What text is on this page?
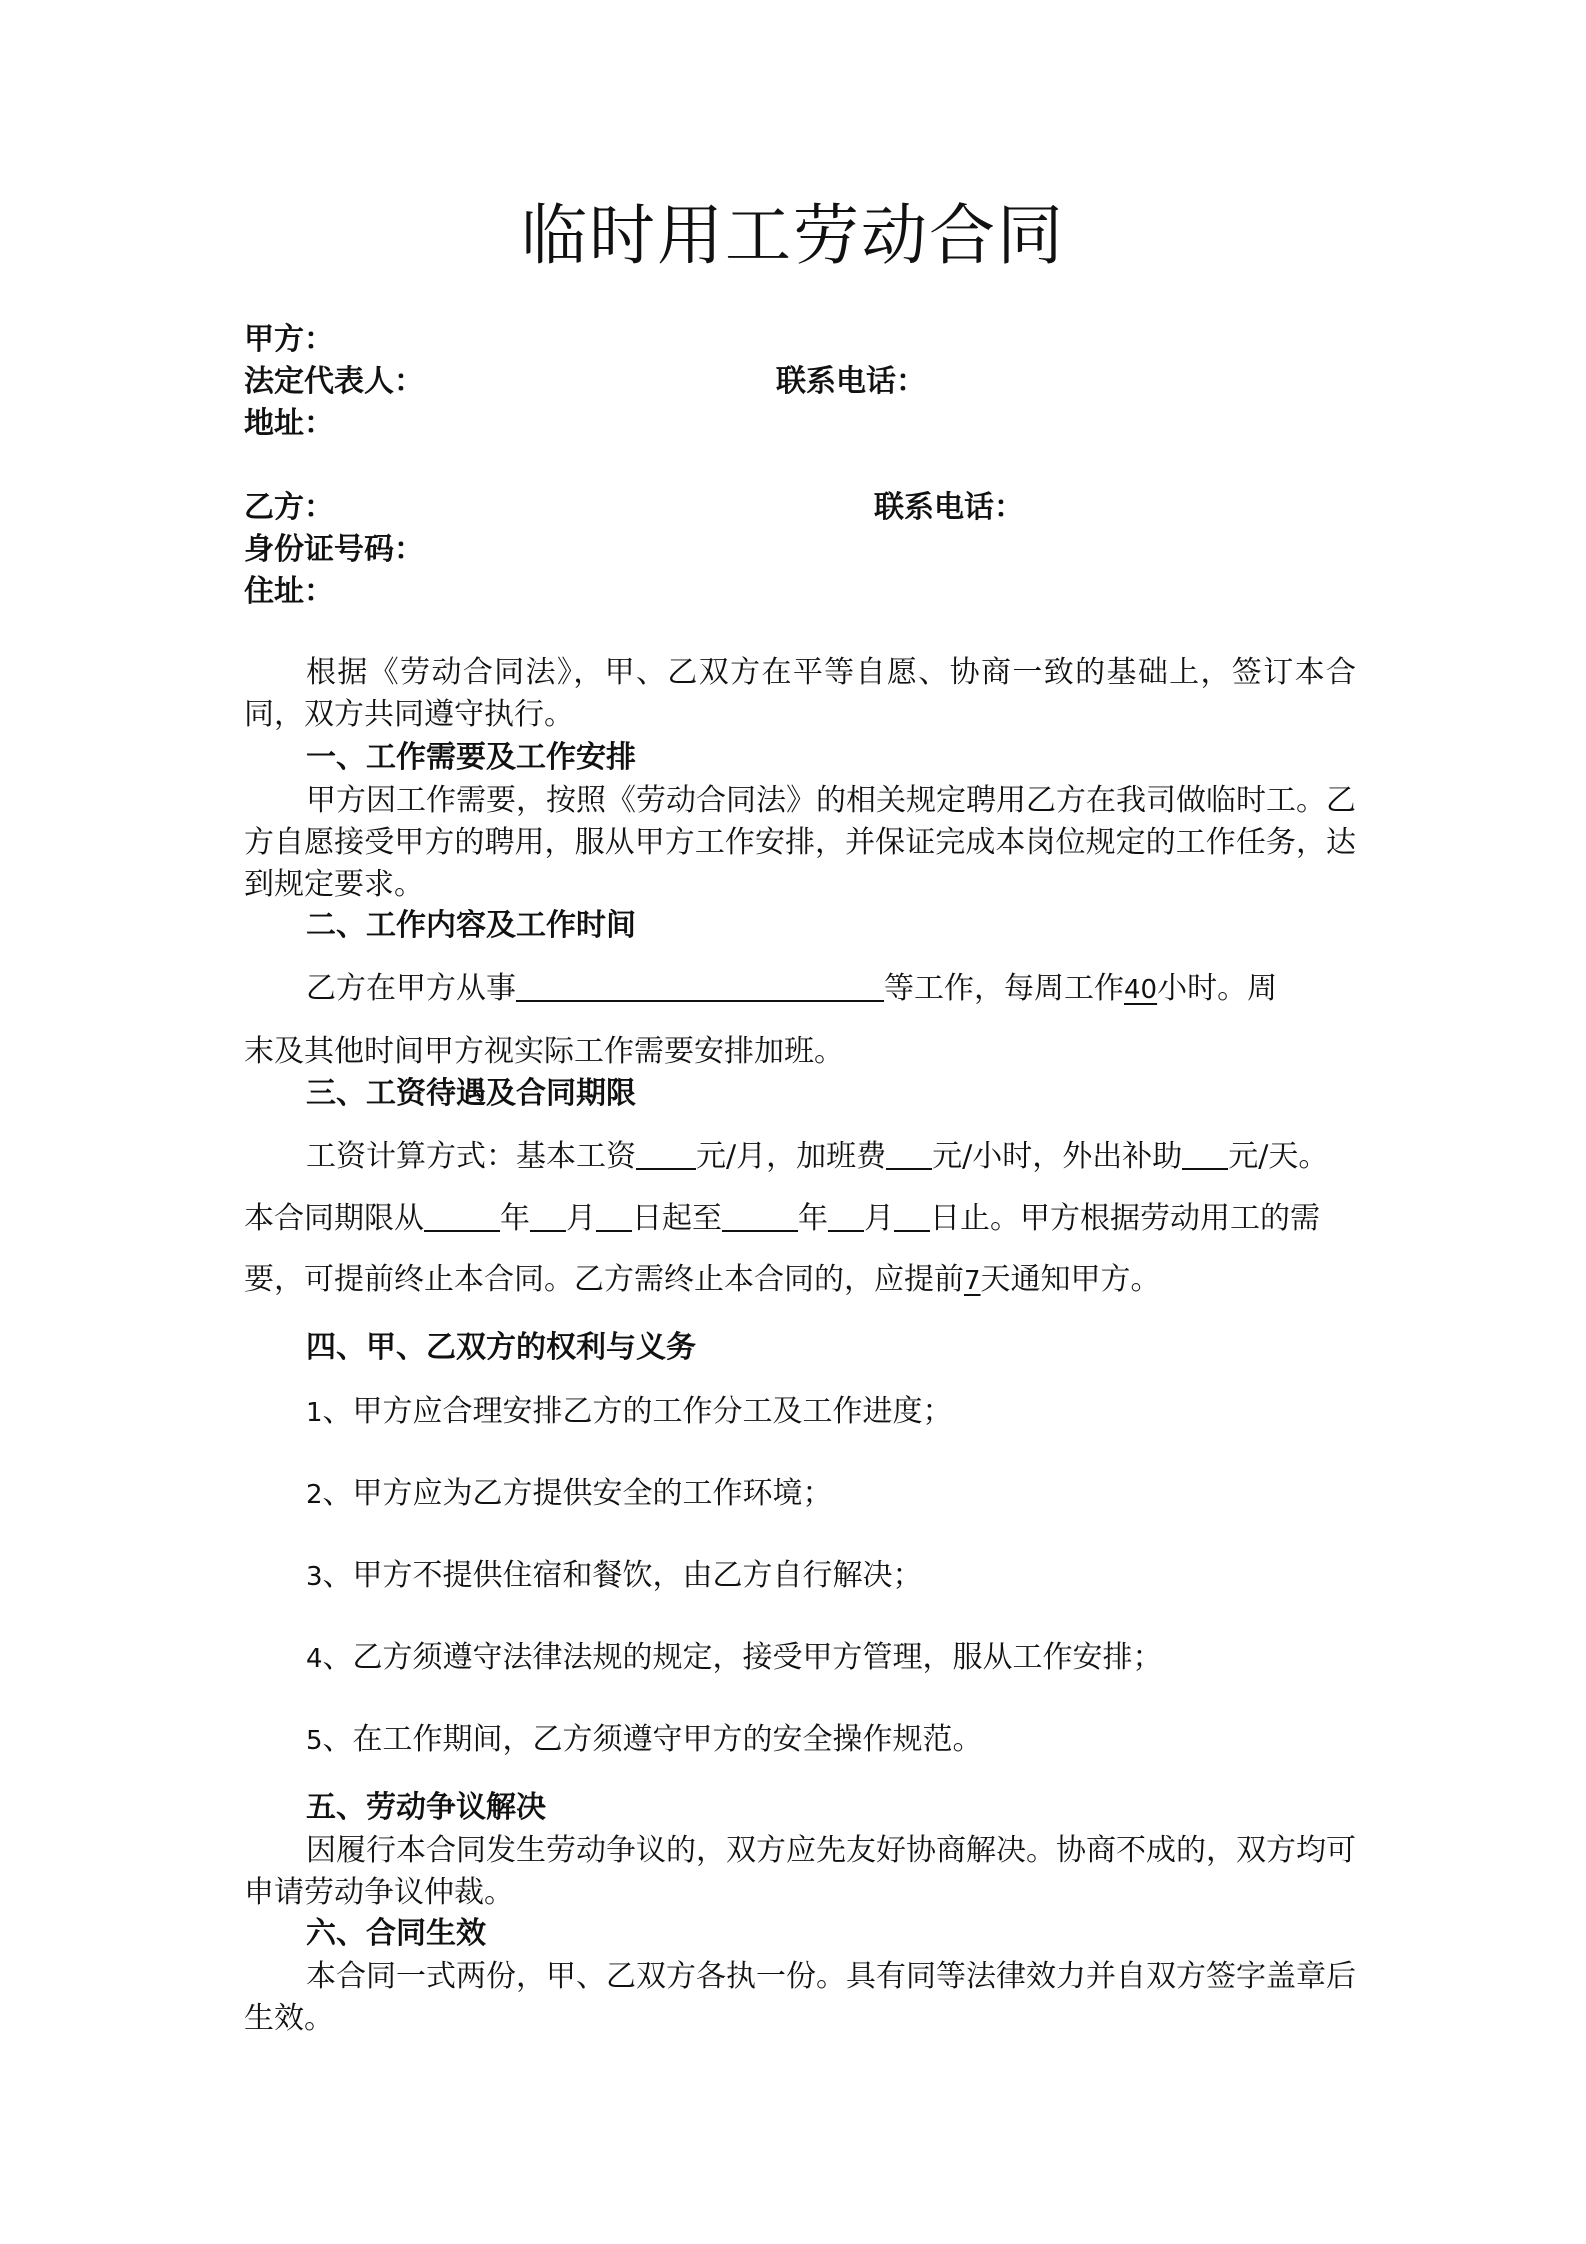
临时用工劳动合同
甲方：
法定代表人：	联系电话：
地址：
乙方：	联系电话：
身份证号码：
住址：
根据《劳动合同法》，甲、乙双方在平等自愿、协商一致的基础上，签订本合同，双方共同遵守执行。
一、工作需要及工作安排
甲方因工作需要，按照《劳动合同法》的相关规定聘用乙方在我司做临时工。乙方自愿接受甲方的聘用，服从甲方工作安排，并保证完成本岗位规定的工作任务，达到规定要求。
二、工作内容及工作时间
乙方在甲方从事	等工作，每周工作40小时。周
末及其他时间甲方视实际工作需要安排加班。
三、工资待遇及合同期限
工资计算方式：基本工资 元/月，加班费 元/小时，外出补助 元/天。
本合同期限从	年 月 日起至	年 月 日止。甲方根据劳动用工的需
要，可提前终止本合同。乙方需终止本合同的，应提前7天通知甲方。
四、甲、乙双方的权利与义务
1、甲方应合理安排乙方的工作分工及工作进度；
2、甲方应为乙方提供安全的工作环境；
3、甲方不提供住宿和餐饮，由乙方自行解决；
4、乙方须遵守法律法规的规定，接受甲方管理，服从工作安排；
5、在工作期间，乙方须遵守甲方的安全操作规范。
五、劳动争议解决
因履行本合同发生劳动争议的，双方应先友好协商解决。协商不成的，双方均可申请劳动争议仲裁。
六、合同生效
本合同一式两份，甲、乙双方各执一份。具有同等法律效力并自双方签字盖章后生效。
